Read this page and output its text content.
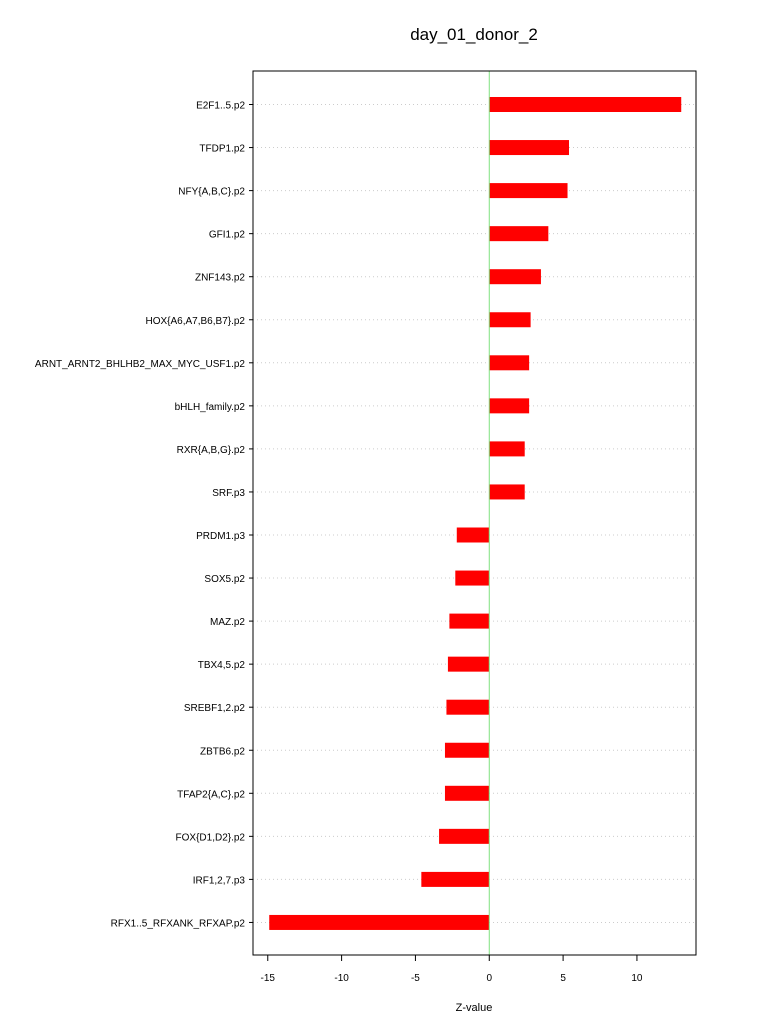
day_01_donor_2
E2F1..5.p2
TFDP1.p2
NFY{A,B,C}.p2
GFI1.p2
ZNF143.p2
HOX{A6,A7,B6,B7}.p2
ARNT_ARNT2_BHLHB2_MAX_MYC_USF1.p2
bHLH_family.p2
RXR{A,B,G}.p2
SRF.p3
PRDM1.p3
SOX5.p2
MAZ.p2
TBX4,5.p2
SREBF1,2.p2
ZBTB6.p2
TFAP2{A,C}.p2
FOX{D1,D2}.p2
IRF1,2,7.p3
RFX1..5_RFXANK_RFXAP.p2
-15	-10	-5	0	5	10
Z-value
